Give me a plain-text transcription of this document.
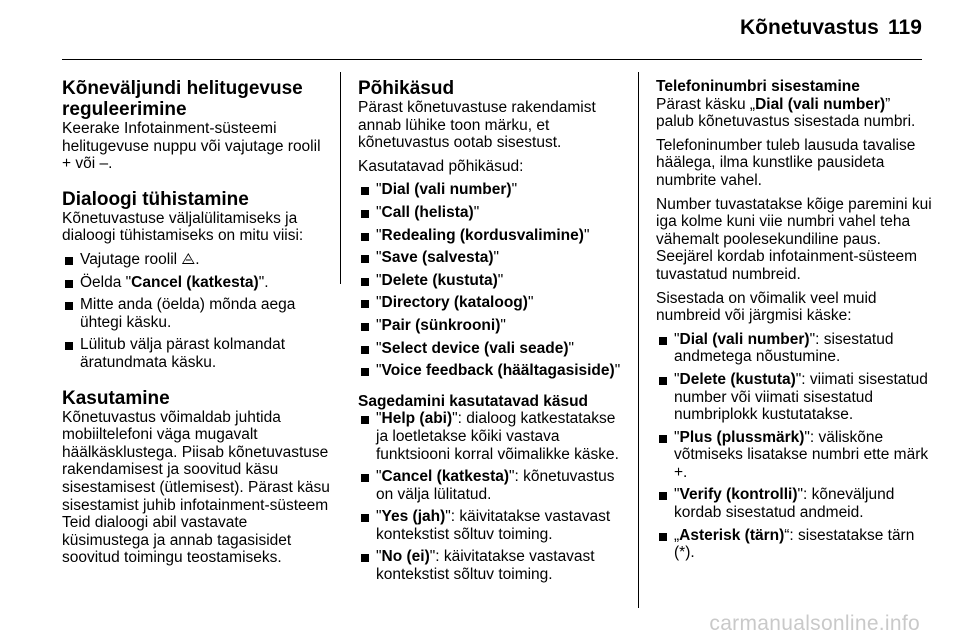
Kõnetuvastus 119
Kõneväljundi helitugevuse reguleerimine
Keerake Infotainment-süsteemi helitugevuse nuppu või vajutage roolil + või –.
Dialoogi tühistamine
Kõnetuvastuse väljalülitamiseks ja dialoogi tühistamiseks on mitu viisi:
Vajutage roolil ⨺.
Öelda "Cancel (katkesta)".
Mitte anda (öelda) mõnda aega ühtegi käsku.
Lülitub välja pärast kolmandat äratundmata käsku.
Kasutamine
Kõnetuvastus võimaldab juhtida mobiiltelefoni väga mugavalt häälkäsklustega. Piisab kõnetuvastuse rakendamisest ja soovitud käsu sisestamisest (ütlemisest). Pärast käsu sisestamist juhib infotainment-süsteem Teid dialoogi abil vastavate küsimustega ja annab tagasisidet soovitud toimingu teostamiseks.
Põhikäsud
Pärast kõnetuvastuse rakendamist annab lühike toon märku, et kõnetuvastus ootab sisestust.
Kasutatavad põhikäsud:
"Dial (vali number)"
"Call (helista)"
"Redealing (kordusvalimine)"
"Save (salvesta)"
"Delete (kustuta)"
"Directory (kataloog)"
"Pair (sünkrooni)"
"Select device (vali seade)"
"Voice feedback (häältagasiside)"
Sagedamini kasutatavad käsud
"Help (abi)": dialoog katkestatakse ja loetletakse kõiki vastava funktsiooni korral võimalikke käske.
"Cancel (katkesta)": kõnetuvastus on välja lülitatud.
"Yes (jah)": käivitatakse vastavast kontekstist sõltuv toiming.
"No (ei)": käivitatakse vastavast kontekstist sõltuv toiming.
Telefoninumbri sisestamine
Pärast käsku „Dial (vali number)” palub kõnetuvastus sisestada numbri.
Telefoninumber tuleb lausuda tavalise häälega, ilma kunstlike pausideta numbrite vahel.
Number tuvastatakse kõige paremini kui iga kolme kuni viie numbri vahel teha vähemalt poolesekundiline paus. Seejärel kordab infotainment-süsteem tuvastatud numbreid.
Sisestada on võimalik veel muid numbreid või järgmisi käske:
"Dial (vali number)": sisestatud andmetega nõustumine.
"Delete (kustuta)": viimati sisestatud number või viimati sisestatud numbriplokk kustutatakse.
"Plus (plussmärk)": väliskõne võtmiseks lisatakse numbri ette märk +.
"Verify (kontrolli)": kõneväljund kordab sisestatud andmeid.
„Asterisk (tärn)“: sisestatakse tärn (*).
carmanualsonline.info
